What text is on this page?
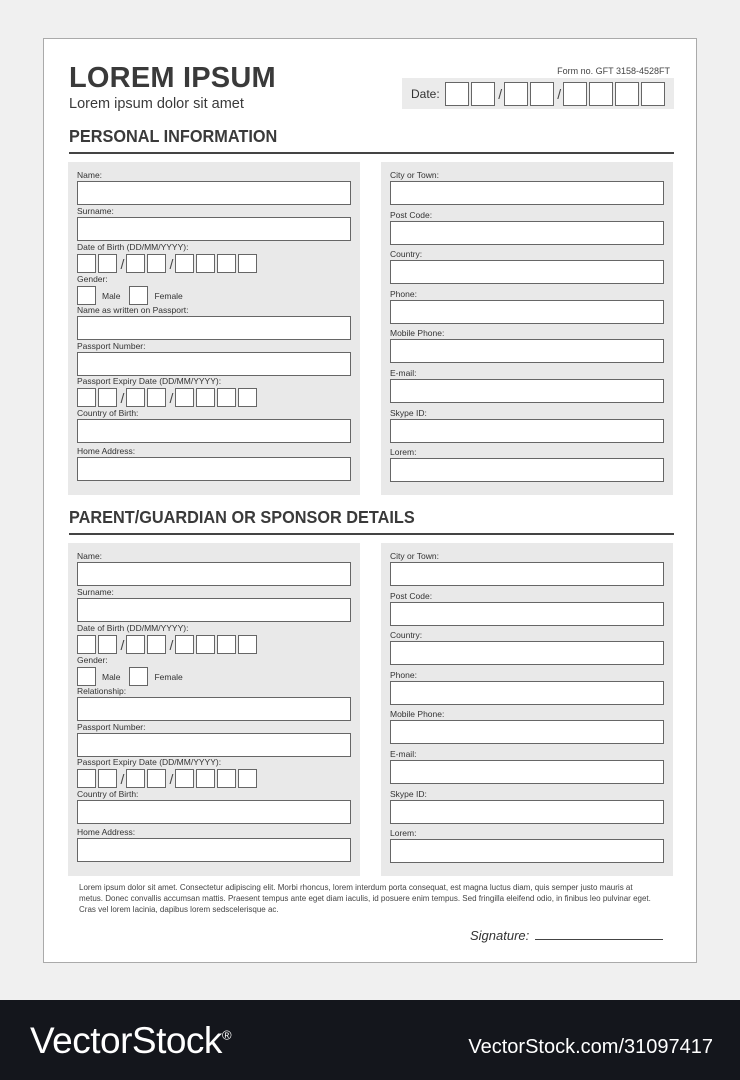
LOREM IPSUM
Lorem ipsum dolor sit amet
Form no. GFT 3158-4528FT
Date:	/	/
PERSONAL INFORMATION
Name:
Surname:
Date of Birth (DD/MM/YYYY):
/	/
Gender:
Male	Female
Name as written on Passport:
Passport Number:
Passport Expiry Date (DD/MM/YYYY):
/	/
Country of Birth:
Home Address:
City or Town:
Post Code:
Country:
Phone:
Mobile Phone:
E-mail:
Skype ID:
Lorem:
PARENT/GUARDIAN OR SPONSOR DETAILS
Name:
Surname:
Date of Birth (DD/MM/YYYY):
/	/
Gender:
Male	Female
Relationship:
Passport Number:
Passport Expiry Date (DD/MM/YYYY):
/	/
Country of Birth:
Home Address:
City or Town:
Post Code:
Country:
Phone:
Mobile Phone:
E-mail:
Skype ID:
Lorem:
Lorem ipsum dolor sit amet. Consectetur adipiscing elit. Morbi rhoncus, lorem interdum porta consequat, est magna luctus diam, quis semper justo mauris at metus. Donec convallis accumsan mattis. Praesent tempus ante eget diam iaculis, id posuere enim tempus. Sed fringilla eleifend odio, in finibus leo pulvinar eget. Cras vel lorem lacinia, dapibus lorem sedscelerisque ac.
Signature:
VectorStock®
VectorStock.com/31097417
